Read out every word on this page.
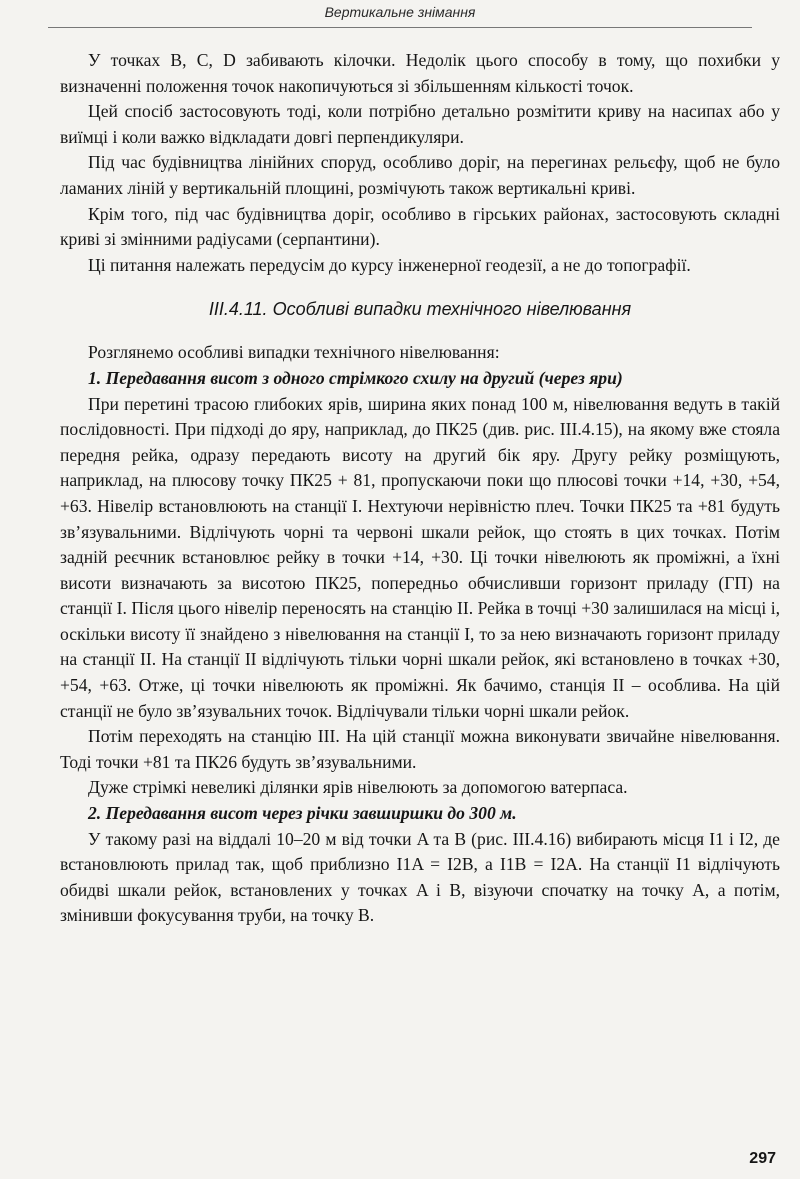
Вертикальне знімання

У точках B, C, D забивають кілочки. Недолік цього способу в тому, що похибки у визначенні положення точок накопичуються зі збільшенням кількості точок.

Цей спосіб застосовують тоді, коли потрібно детально розмітити криву на насипах або у виїмці і коли важко відкладати довгі перпендикуляри.

Під час будівництва лінійних споруд, особливо доріг, на перегинах рельєфу, щоб не було ламаних ліній у вертикальній площині, розмічують також вертикальні криві.

Крім того, під час будівництва доріг, особливо в гірських районах, застосовують складні криві зі змінними радіусами (серпантини).

Ці питання належать передусім до курсу інженерної геодезії, а не до топографії.

III.4.11. Особливі випадки технічного нівелювання

Розглянемо особливі випадки технічного нівелювання:

1. Передавання висот з одного стрімкого схилу на другий (через яри)

При перетині трасою глибоких ярів, ширина яких понад 100 м, нівелювання ведуть в такій послідовності. При підході до яру, наприклад, до ПК25 (див. рис. III.4.15), на якому вже стояла передня рейка, одразу передають висоту на другий бік яру. Другу рейку розміщують, наприклад, на плюсову точку ПК25 + 81, пропускаючи поки що плюсові точки +14, +30, +54, +63. Нівелір встановлюють на станції I. Нехтуючи нерівністю плеч. Точки ПК25 та +81 будуть зв’язувальними. Відлічують чорні та червоні шкали рейок, що стоять в цих точках. Потім задній реєчник встановлює рейку в точки +14, +30. Ці точки нівелюють як проміжні, а їхні висоти визначають за висотою ПК25, попередньо обчисливши горизонт приладу (ГП) на станції I. Після цього нівелір переносять на станцію II. Рейка в точці +30 залишилася на місці і, оскільки висоту її знайдено з нівелювання на станції I, то за нею визначають горизонт приладу на станції II. На станції II відлічують тільки чорні шкали рейок, які встановлено в точках +30, +54, +63. Отже, ці точки нівелюють як проміжні. Як бачимо, станція II – особлива. На цій станції не було зв’язувальних точок. Відлічували тільки чорні шкали рейок.

Потім переходять на станцію III. На цій станції можна виконувати звичайне нівелювання. Тоді точки +81 та ПК26 будуть зв’язувальними.

Дуже стрімкі невеликі ділянки ярів нівелюють за допомогою ватерпаса.

2. Передавання висот через річки завширшки до 300 м.

У такому разі на віддалі 10–20 м від точки A та B (рис. III.4.16) вибирають місця I1 і I2, де встановлюють прилад так, щоб приблизно I1A = I2B, а I1B = I2A. На станції I1 відлічують обидві шкали рейок, встановлених у точках A і B, візуючи спочатку на точку A, а потім, змінивши фокусування труби, на точку B.

297
